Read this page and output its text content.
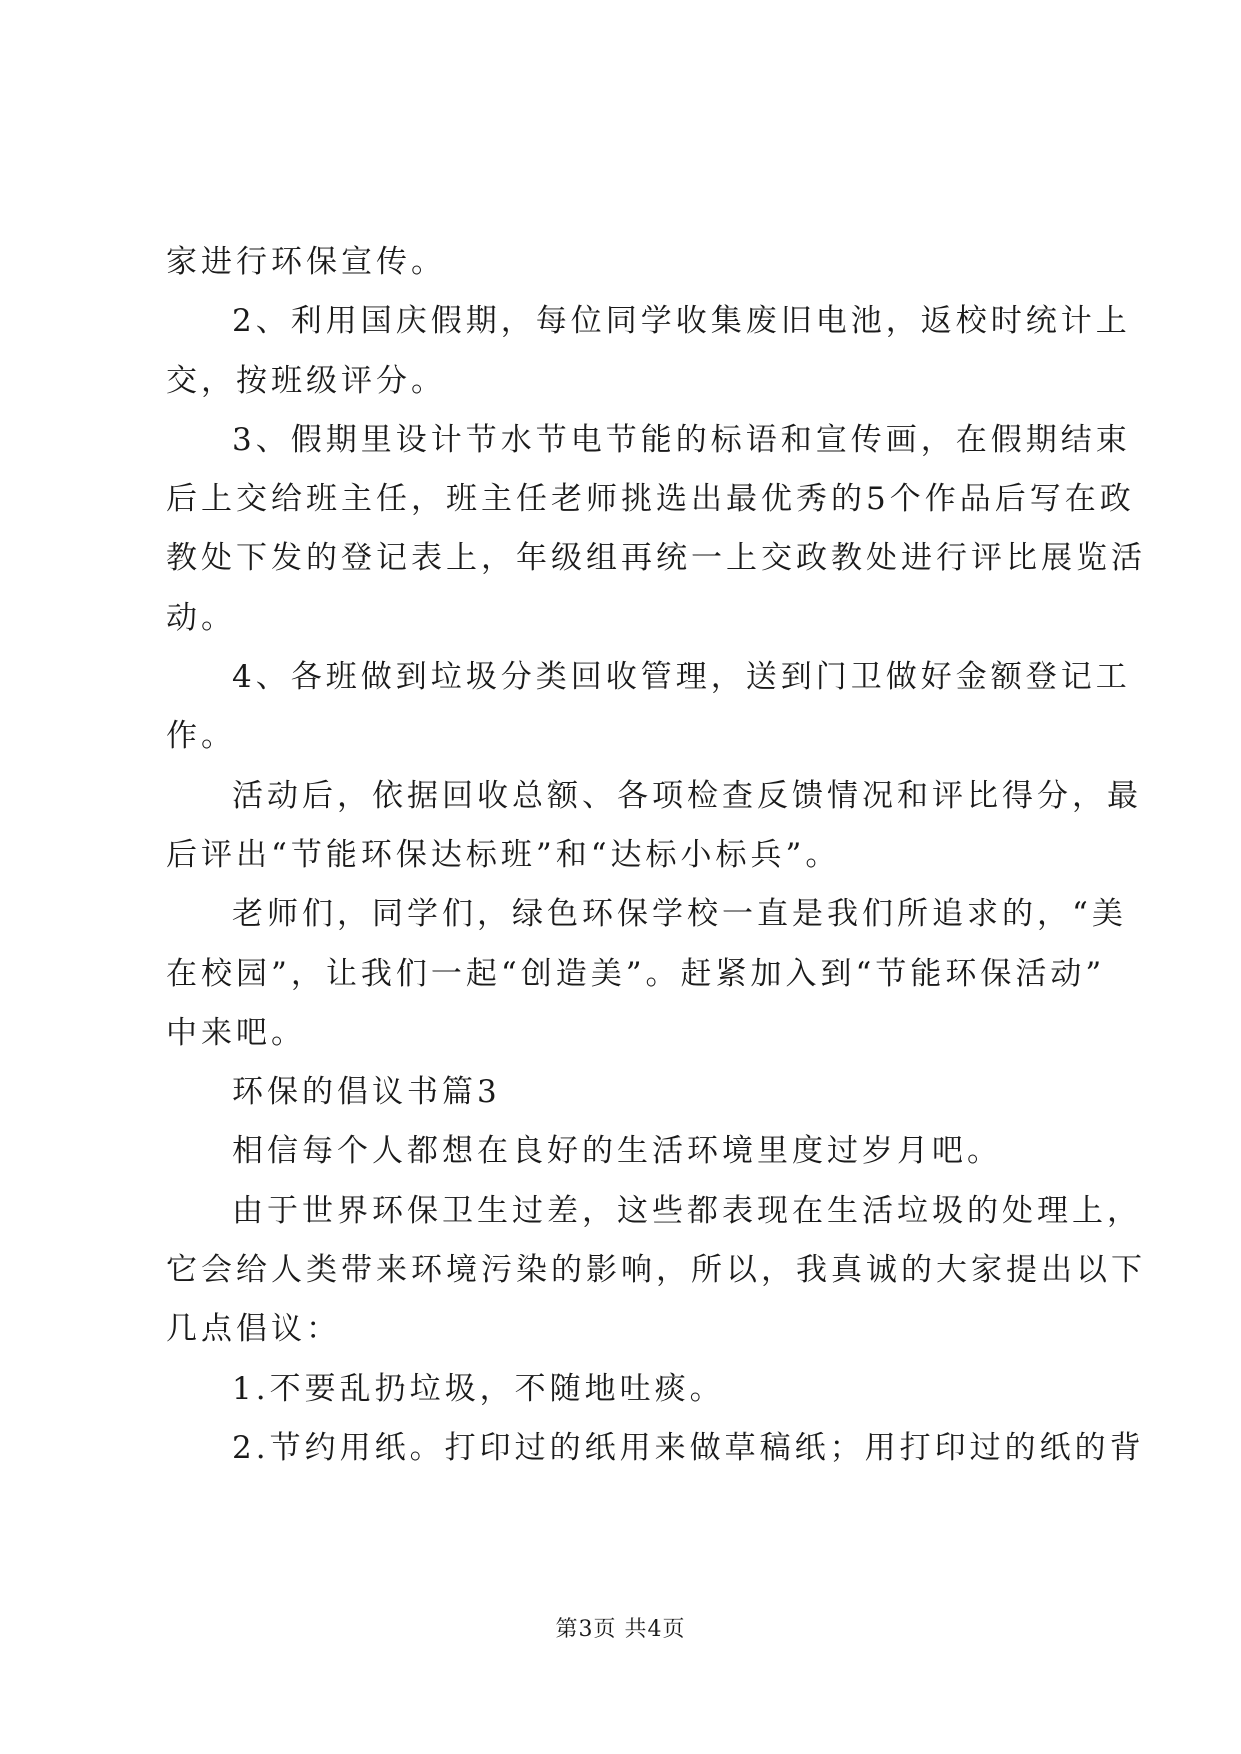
家进行环保宣传。

2、利用国庆假期，每位同学收集废旧电池，返校时统计上

交，按班级评分。

3、假期里设计节水节电节能的标语和宣传画，在假期结束

后上交给班主任，班主任老师挑选出最优秀的5个作品后写在政

教处下发的登记表上，年级组再统一上交政教处进行评比展览活

动。

4、各班做到垃圾分类回收管理，送到门卫做好金额登记工

作。

活动后，依据回收总额、各项检查反馈情况和评比得分，最

后评出“节能环保达标班”和“达标小标兵”。

老师们，同学们，绿色环保学校一直是我们所追求的，“美

在校园”，让我们一起“创造美”。赶紧加入到“节能环保活动”

中来吧。

环保的倡议书篇3

相信每个人都想在良好的生活环境里度过岁月吧。

由于世界环保卫生过差，这些都表现在生活垃圾的处理上，

它会给人类带来环境污染的影响，所以，我真诚的大家提出以下

几点倡议：

1.不要乱扔垃圾，不随地吐痰。

2.节约用纸。打印过的纸用来做草稿纸；用打印过的纸的背

第3页 共4页
